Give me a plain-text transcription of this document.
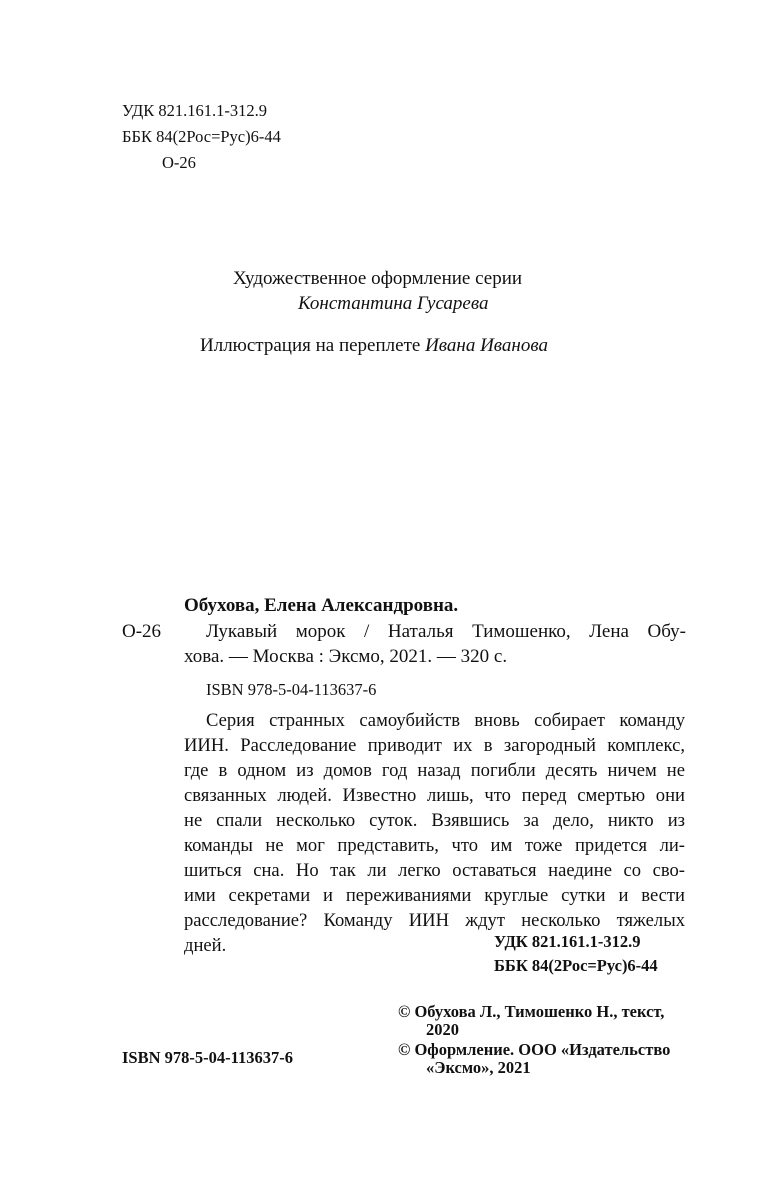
УДК 821.161.1-312.9
ББК 84(2Рос=Рус)6-44
О-26
Художественное оформление серии
Константина Гусарева
Иллюстрация на переплете Ивана Иванова
Обухова, Елена Александровна.
О-26 Лукавый морок / Наталья Тимошенко, Лена Обу-
хова. — Москва : Эксмо, 2021. — 320 с.
ISBN 978-5-04-113637-6
Серия странных самоубийств вновь собирает команду
ИИН. Расследование приводит их в загородный комплекс,
где в одном из домов год назад погибли десять ничем не
связанных людей. Известно лишь, что перед смертью они
не спали несколько суток. Взявшись за дело, никто из
команды не мог представить, что им тоже придется ли-
шиться сна. Но так ли легко оставаться наедине со сво-
ими секретами и переживаниями круглые сутки и вести
расследование? Команду ИИН ждут несколько тяжелых
дней.	УДК 821.161.1-312.9
ББК 84(2Рос=Рус)6-44
© Обухова Л., Тимошенко Н., текст,
2020
© Оформление. ООО «Издательство
«Эксмо», 2021
ISBN 978-5-04-113637-6
